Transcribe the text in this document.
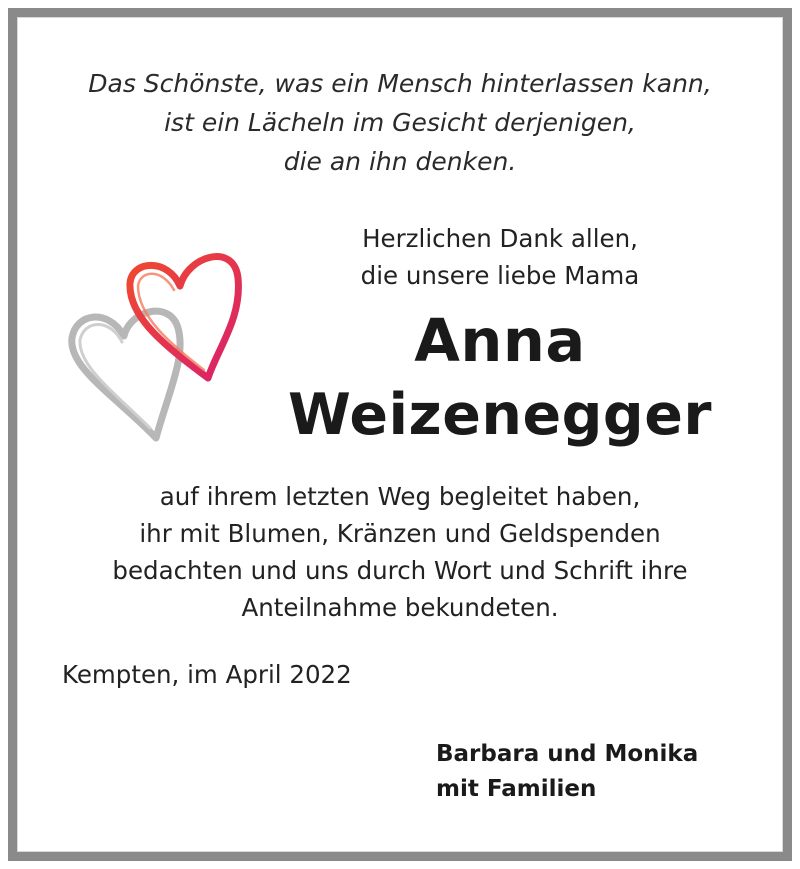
Das Schönste, was ein Mensch hinterlassen kann,
ist ein Lächeln im Gesicht derjenigen,
die an ihn denken.
Herzlichen Dank allen,
die unsere liebe Mama
Anna
Weizenegger
auf ihrem letzten Weg begleitet haben,
ihr mit Blumen, Kränzen und Geldspenden
bedachten und uns durch Wort und Schrift ihre
Anteilnahme bekundeten.
Kempten, im April 2022
Barbara und Monika
mit Familien
